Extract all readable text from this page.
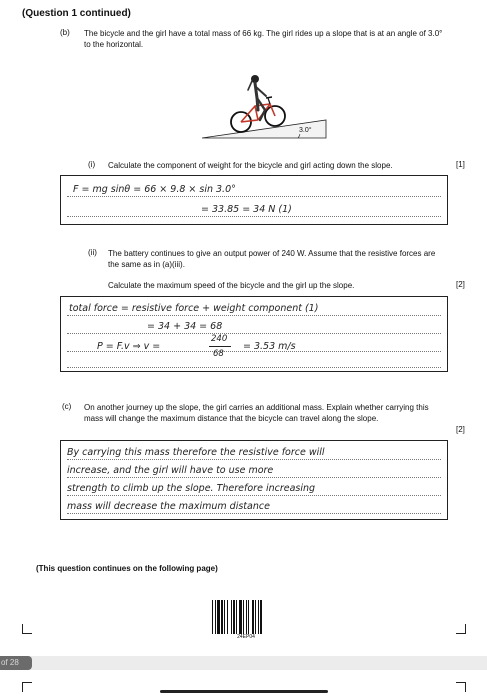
(Question 1 continued)
(b) The bicycle and the girl have a total mass of 66 kg. The girl rides up a slope that is at an angle of 3.0° to the horizontal.
3.0°
(i) Calculate the component of weight for the bicycle and girl acting down the slope.	[1]
F = mg sinθ = 66 × 9.8 × sin 3.0°
= 33.85 = 34 N (1)
(ii) The battery continues to give an output power of 240 W. Assume that the resistive forces are the same as in (a)(iii).
Calculate the maximum speed of the bicycle and the girl up the slope.	[2]
total force = resistive force + weight component (1)
= 34 + 34 = 68
P = F.v ⇒ v =
240
68
= 3.53 m/s
(c) On another journey up the slope, the girl carries an additional mass. Explain whether carrying this mass will change the maximum distance that the bicycle can travel along the slope.
[2]
By carrying this mass therefore the resistive force will
increase, and the girl will have to use more
strength to climb up the slope. Therefore increasing
mass will decrease the maximum distance
(This question continues on the following page)
24EP04
of 28
